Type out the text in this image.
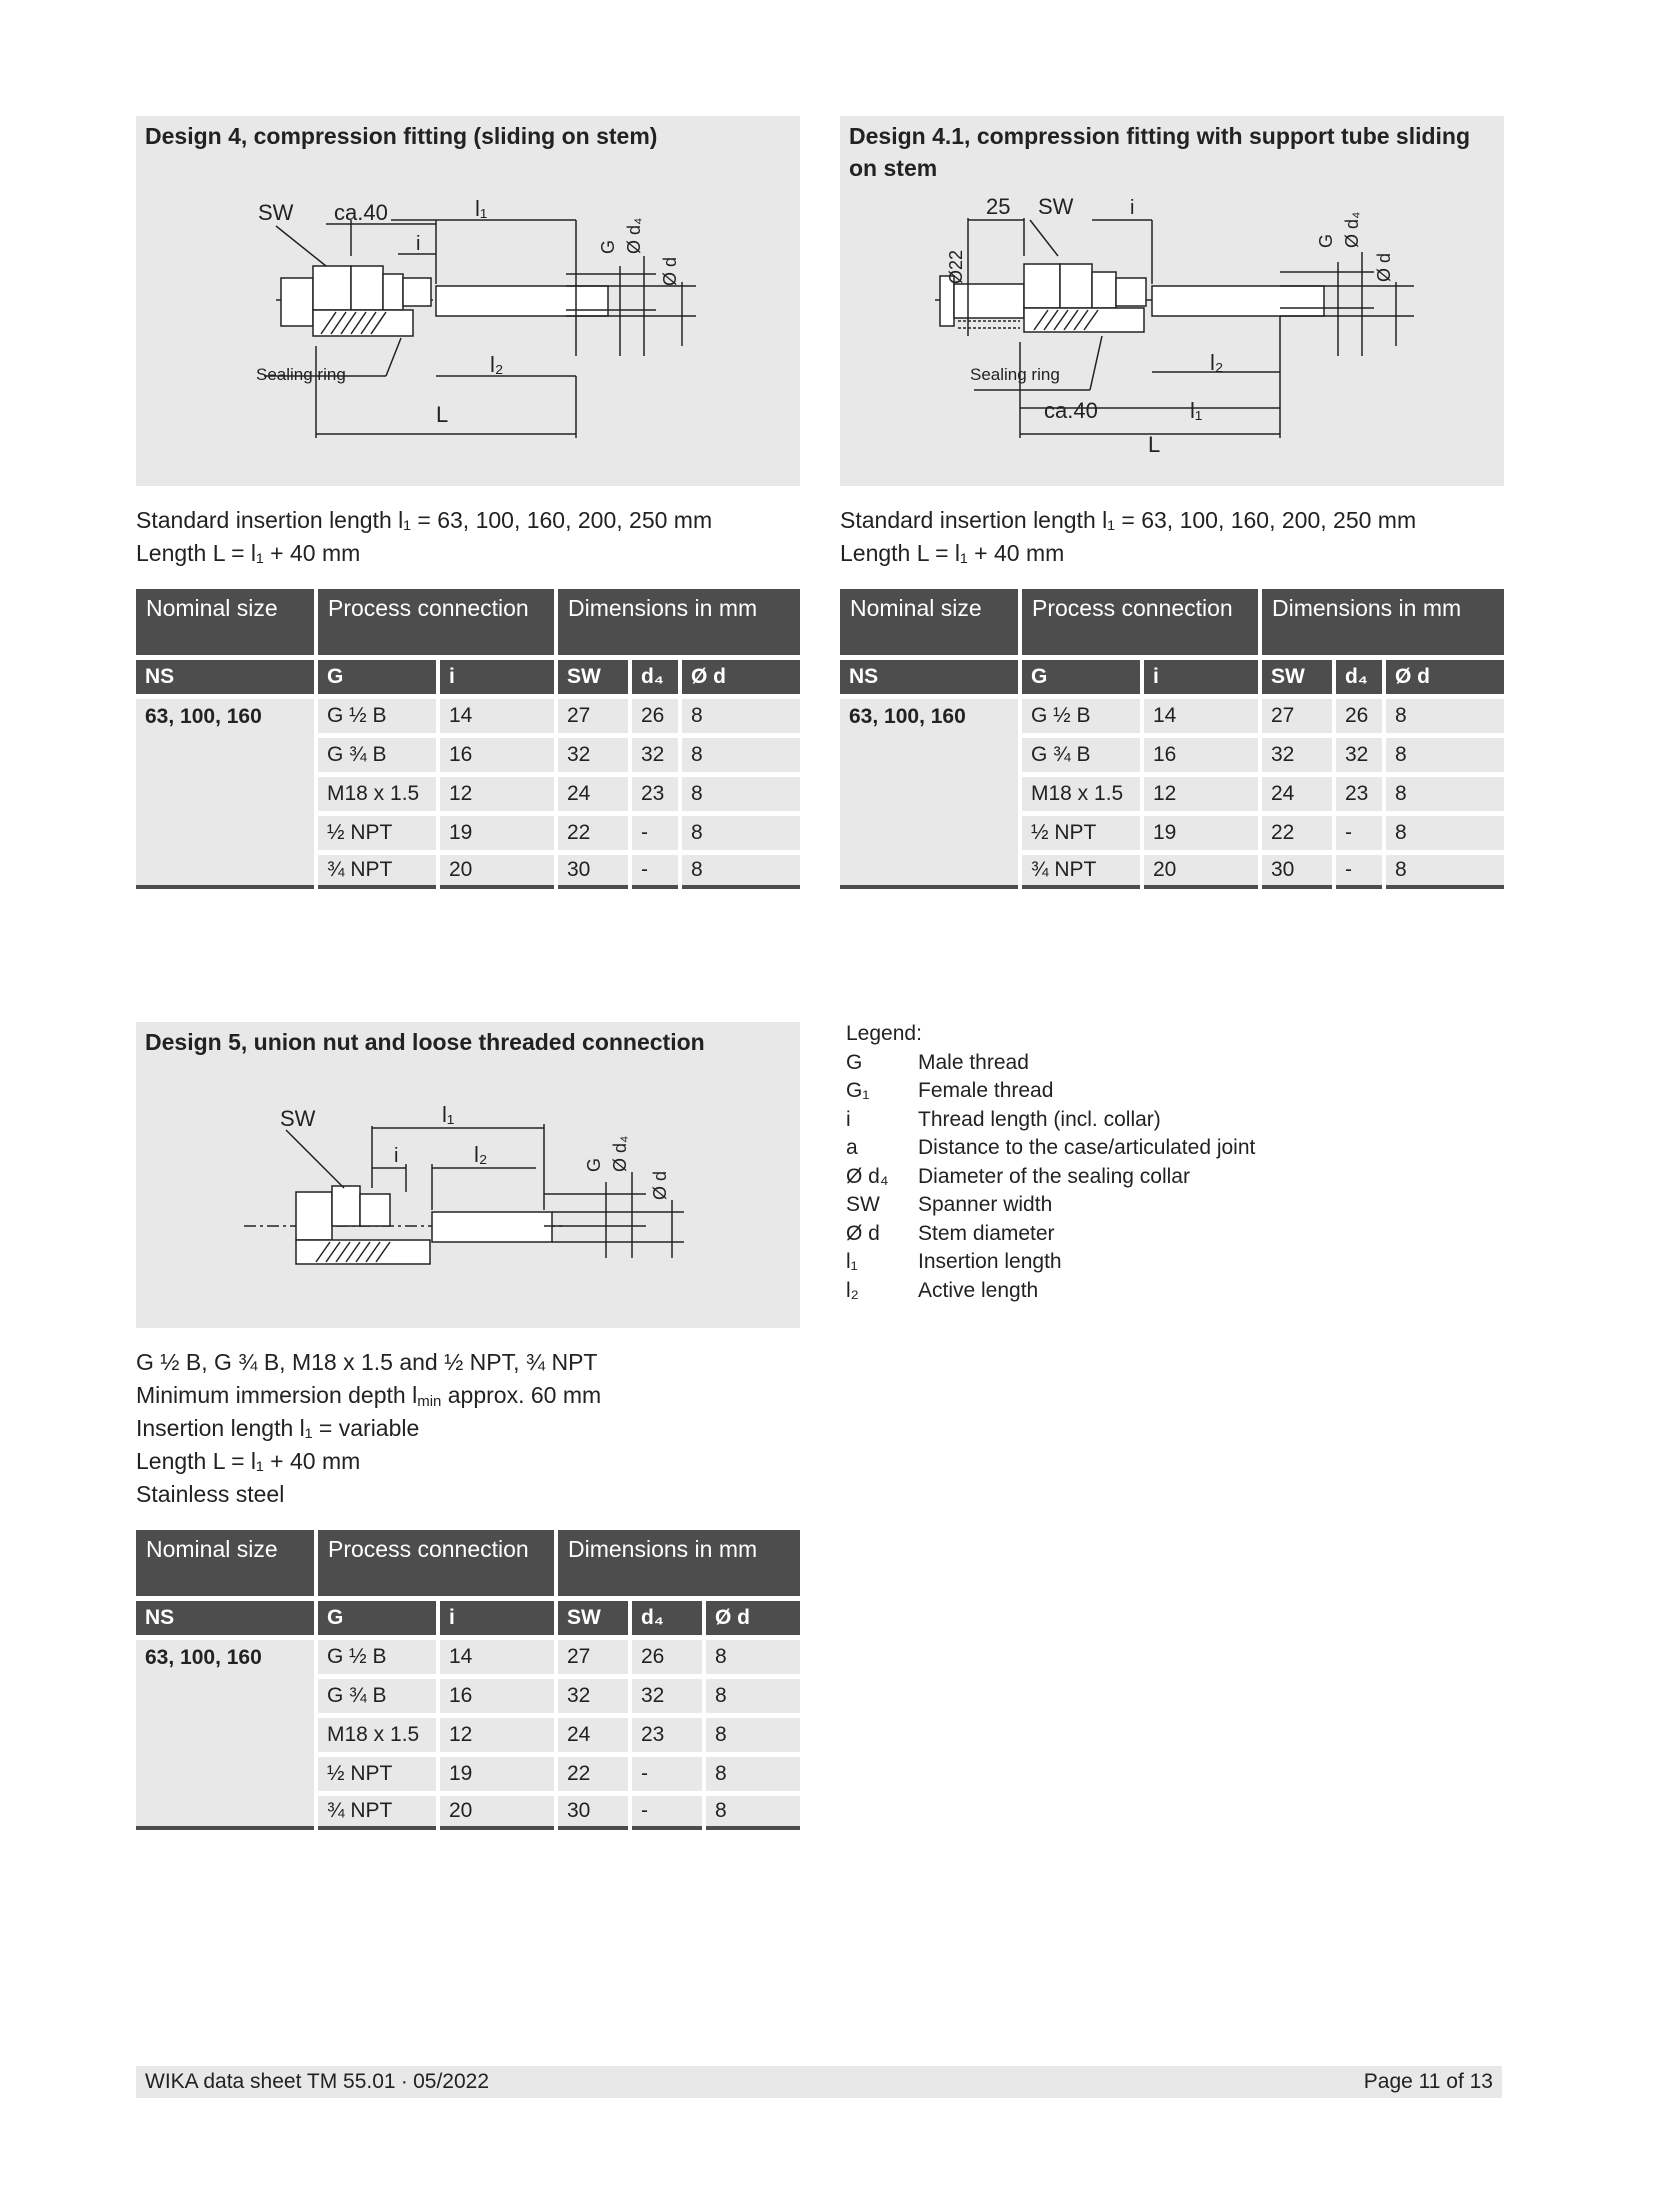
Design 4, compression fitting (sliding on stem)
SW ca.40	l₁
i	G Ø d₄
Ø d
Sealing ring	l₂
L
Standard insertion length l₁ = 63, 100, 160, 200, 250 mm
Length L = l₁ + 40 mm
Nominal size	Process connection		Dimensions in mm		
NS	G	i	SW	d₄	Ø d
63, 100, 160	G ½ B	14	27	26	8
	G ¾ B	16	32	32	8
	M18 x 1.5	12	24	23	8
	½ NPT	19	22	-	8
	¾ NPT	20	30	-	8
Design 4.1, compression fitting with support tube sliding on stem
25 SW	i
Ø22
G Ø d₄
Ø d
Sealing ring	l₂
ca.40	l₁
L
Standard insertion length l₁ = 63, 100, 160, 200, 250 mm
Length L = l₁ + 40 mm
Nominal size	Process connection		Dimensions in mm		
NS	G	i	SW	d₄	Ø d
63, 100, 160	G ½ B	14	27	26	8
	G ¾ B	16	32	32	8
	M18 x 1.5	12	24	23	8
	½ NPT	19	22	-	8
	¾ NPT	20	30	-	8
Design 5, union nut and loose threaded connection
SW	l₁
i	l₂	G Ø d₄
Ø d
G ½ B, G ¾ B, M18 x 1.5 and ½ NPT, ¾ NPT
Minimum immersion depth $l_{min}$ approx. 60 mm
Insertion length l₁ = variable
Length L = l₁ + 40 mm
Stainless steel
Nominal size	Process connection		Dimensions in mm		
NS	G	i	SW	d₄	Ø d
63, 100, 160	G ½ B	14	27	26	8
	G ¾ B	16	32	32	8
	M18 x 1.5	12	24	23	8
	½ NPT	19	22	-	8
	¾ NPT	20	30	-	8
Legend:
G	Male thread
G₁	Female thread
i	Thread length (incl. collar)
a	Distance to the case/articulated joint
Ø d₄	Diameter of the sealing collar
SW	Spanner width
Ø d	Stem diameter
l₁	Insertion length
l₂	Active length
WIKA data sheet TM 55.01 ∙ 05/2022	Page 11 of 13
